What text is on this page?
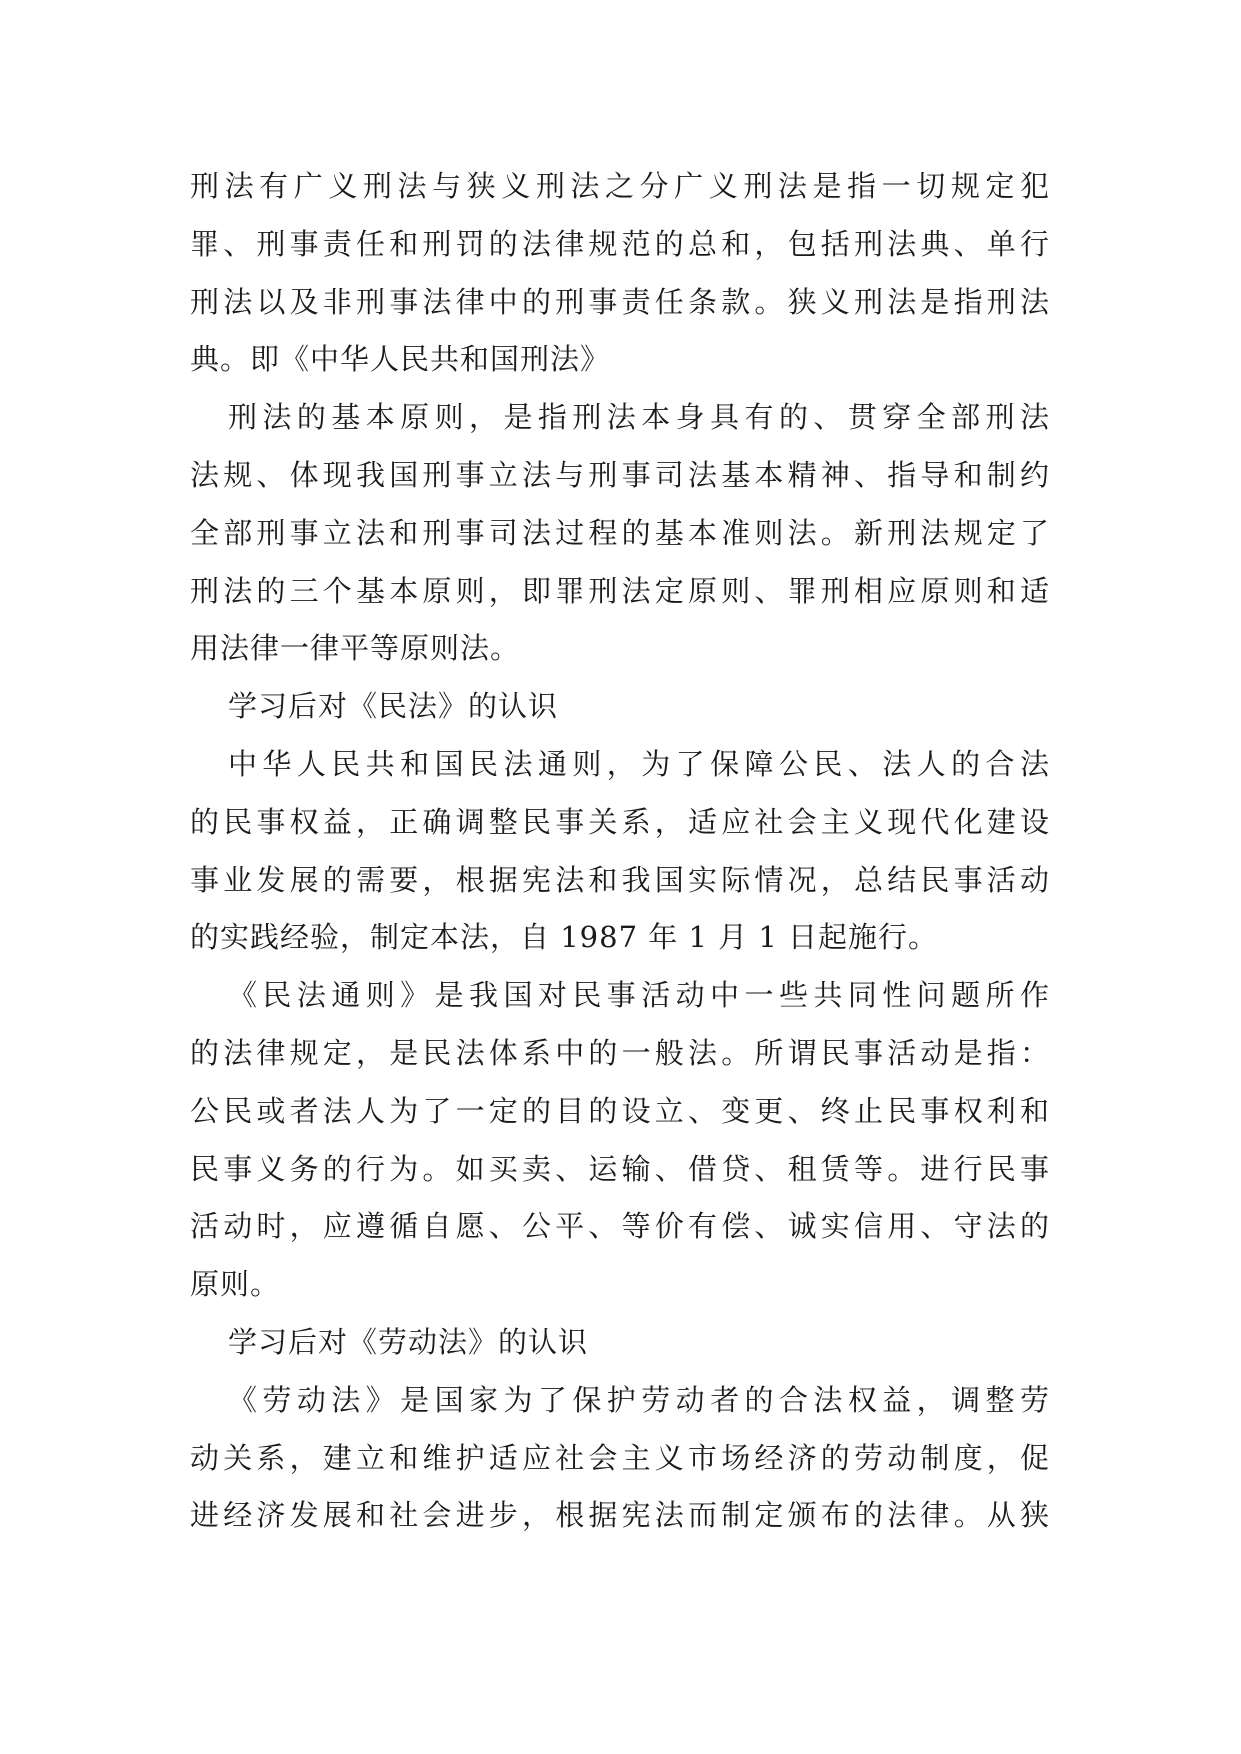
刑法有广义刑法与狭义刑法之分广义刑法是指一切规定犯
罪、刑事责任和刑罚的法律规范的总和，包括刑法典、单行
刑法以及非刑事法律中的刑事责任条款。狭义刑法是指刑法
典。即《中华人民共和国刑法》
刑法的基本原则，是指刑法本身具有的、贯穿全部刑法
法规、体现我国刑事立法与刑事司法基本精神、指导和制约
全部刑事立法和刑事司法过程的基本准则法。新刑法规定了
刑法的三个基本原则，即罪刑法定原则、罪刑相应原则和适
用法律一律平等原则法。
学习后对《民法》的认识
中华人民共和国民法通则，为了保障公民、法人的合法
的民事权益，正确调整民事关系，适应社会主义现代化建设
事业发展的需要，根据宪法和我国实际情况，总结民事活动
的实践经验，制定本法，自 1987 年 1 月 1 日起施行。
《民法通则》是我国对民事活动中一些共同性问题所作
的法律规定，是民法体系中的一般法。所谓民事活动是指：
公民或者法人为了一定的目的设立、变更、终止民事权利和
民事义务的行为。如买卖、运输、借贷、租赁等。进行民事
活动时，应遵循自愿、公平、等价有偿、诚实信用、守法的
原则。
学习后对《劳动法》的认识
《劳动法》是国家为了保护劳动者的合法权益，调整劳
动关系，建立和维护适应社会主义市场经济的劳动制度，促
进经济发展和社会进步，根据宪法而制定颁布的法律。从狭
